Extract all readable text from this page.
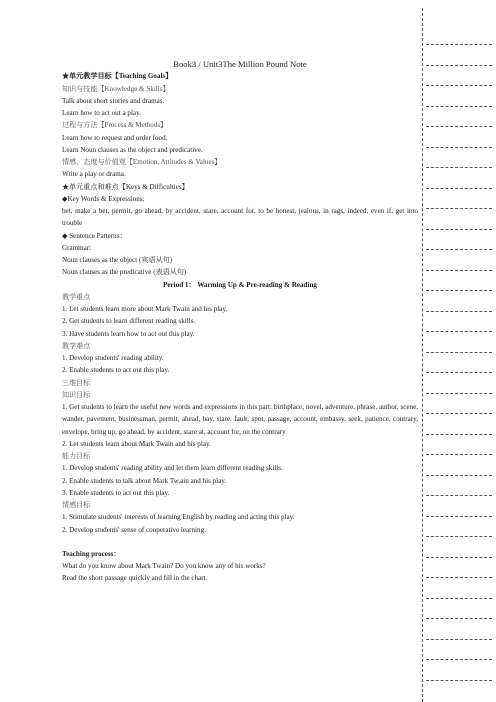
Book3 / Unit3The Million Pound Note

★单元教学目标【Teaching Goals】

知识与技能【Knowledge & Skills】

Talk about short stories and dramas.

Learn how to act out a play.

过程与方法【Process & Methods】

Learn how to request and order food.

Learn Noun clauses as the object and predicative.

情感、态度与价值观【Emotion, Attitudes & Values】

Write a play or drama.

★单元重点和难点【Keys & Difficulties】

◆Key Words & Expressions:

bet, make a bet, permit, go ahead, by accident, stare, account for, to be honest, jealous, in rags, indeed, even if, get into trouble

◆ Sentence Patterns：

Grammar:

Noun clauses as the object (宾语从句)

Noun clauses as the predicative (表语从句)

Period 1： Warming Up & Pre-reading & Reading

教学重点

1. Let students learn more about Mark Twain and his play.

2. Get students to learn different reading skills.

3. Have students learn how to act out this play.

教学难点

1. Develop students' reading ability.

2. Enable students to act out this play.

三维目标

知识目标

1. Get students to learn the useful new words and expressions in this part: birthplace, novel, adventure, phrase, author, scene, wander, pavement, businessman, permit, ahead, bay, stare, fault, spot, passage, account, embassy, seek, patience, contrary, envelope, bring up, go ahead, by accident, stare at, account for, on the contrary

2. Let students learn about Mark Twain and his play.

能力目标

1. Develop students' reading ability and let them learn different reading skills.

2. Enable students to talk about Mark Tw,ain and his play.

3. Enable students to act out this play.

情感目标

1. Stimulate students' interests of learning English by reading and acting this play.

2. Develop students' sense of cooperative learning.

Teaching process：

What do you know about Mark Twain? Do you know any of his works?

Read the short passage quickly and fill in the chart.
